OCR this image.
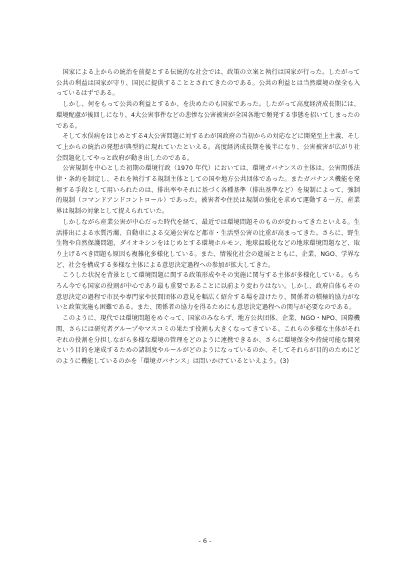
国家による上からの統治を前提とする伝統的な社会では、政策の立案と執行は国家が行った。したがって公共の利益は国家が守り、国民に提供することとされてきたのである。公共の利益とは当然環境の保全も入っているはずである。

しかし、何をもって公共の利益とするか、を決めたのも国家であった。したがって高度経済成長期には、環境配慮が後回しになり、4大公害事件などの悲惨な公害被害が全国各地で頻発する事態を招いてしまったのである。

そして水俣病をはじめとする4大公害問題に対するわが国政府の当初からの対応などに開発至上主義、そして上からの統治の発想が典型的に現れていたといえる。高度経済成長期を後半になり、公害被害が広がり社会問題化してやっと政府が動き出したのである。

公害規制を中心とした初期の環境行政（1970 年代）においては、環境ガバナンスの主体は、公害関係法律・条約を制定し、それを執行する規制主体としての国や地方公共団体であった。またガバナンス機能を発揮する手段として用いられたのは、排出率やそれに基づく各種基準（排出基準など）を規制によって、強制的規制（コマンドアンドコントロール）であった。被害者や住民は規制の強化を求めて運動する一方、産業界は規制の対象として捉えられていた。

しかしながら産業公害が中心だった時代を経て、最近では環境問題そのものが変わってきたといえる。生活排出による水質汚濁、自動車による交通公害など都市・生活型公害の比重が高まってきた。さらに、野生生物や自然保護問題、ダイオキシンをはじめとする環境ホルモン、地球温暖化などの地球環境問題など、取り上げるべき問題も原因も複雑化多様化している。また、情報化社会の進展とともに、企業、NGO、学界など、社会を構成する多様な主体による意思決定過程への参加が拡大してきた。

こうした状況を背景として環境問題に関する政策形成やその実施に関与する主体が多様化している。もちろん今でも国家の役割が中心であり最も重要であることに以前より変わりはない。しかし、政府自体もその意思決定の過程で市民や専門家や民間団体の意見を幅広く紹介する場を設けたり、関係者の積極的協力がないと政策実施も困難である。また、関係者の協力を得るためにも意思決定過程への関与が必要なのである。

このように、現代では環境問題をめぐって、国家のみならず、地方公共団体、企業、NGO・NPO、国際機関、さらには研究者グループやマスコミの果たす役割も大きくなってきている。これらの多様な主体がそれぞれの役割を分担しながら多様な環境の管理をどのように連携できるか、さらに環境保全や持続可能な開発という目的を達成するための諸制度やルールがどのようになっているのか、そしてそれらが目的のためにどのように機能しているのかを「環境ガバナンス」は問いかけているといえよう。(3)

- 6 -
